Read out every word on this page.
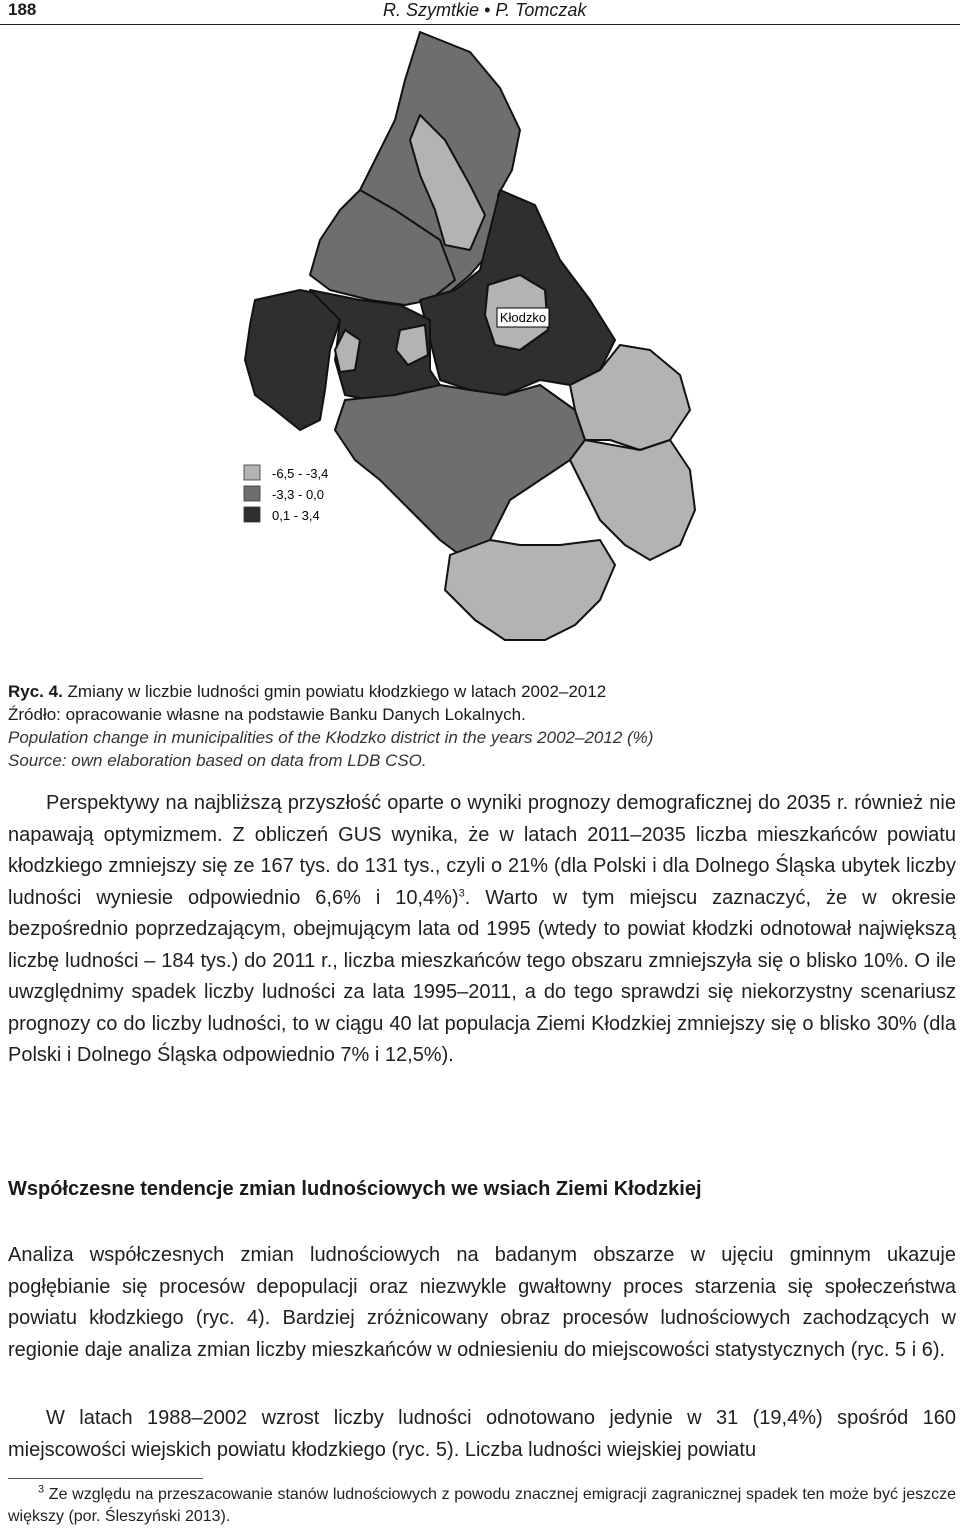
188	R. Szymtkie • P. Tomczak
Kłodzko
-6,5 - -3,4
-3,3 - 0,0
0,1 - 3,4
Ryc. 4. Zmiany w liczbie ludności gmin powiatu kłodzkiego w latach 2002–2012
Źródło: opracowanie własne na podstawie Banku Danych Lokalnych.
Population change in municipalities of the Kłodzko district in the years 2002–2012 (%)
Source: own elaboration based on data from LDB CSO.

Perspektywy na najbliższą przyszłość oparte o wyniki prognozy demograficznej do 2035 r. również nie napawają optymizmem. Z obliczeń GUS wynika, że w latach 2011–2035 liczba mieszkańców powiatu kłodzkiego zmniejszy się ze 167 tys. do 131 tys., czyli o 21% (dla Polski i dla Dolnego Śląska ubytek liczby ludności wyniesie odpowiednio 6,6% i 10,4%)$^3$. Warto w tym miejscu zaznaczyć, że w okresie bezpośrednio poprzedzającym, obejmującym lata od 1995 (wtedy to powiat kłodzki odnotował największą liczbę ludności – 184 tys.) do 2011 r., liczba mieszkańców tego obszaru zmniejszyła się o blisko 10%. O ile uwzględnimy spadek liczby ludności za lata 1995–2011, a do tego sprawdzi się niekorzystny scenariusz prognozy co do liczby ludności, to w ciągu 40 lat populacja Ziemi Kłodzkiej zmniejszy się o blisko 30% (dla Polski i Dolnego Śląska odpowiednio 7% i 12,5%).

Współczesne tendencje zmian ludnościowych we wsiach Ziemi Kłodzkiej

Analiza współczesnych zmian ludnościowych na badanym obszarze w ujęciu gminnym ukazuje pogłębianie się procesów depopulacji oraz niezwykle gwałtowny proces starzenia się społeczeństwa powiatu kłodzkiego (ryc. 4). Bardziej zróżnicowany obraz procesów ludnościowych zachodzących w regionie daje analiza zmian liczby mieszkańców w odniesieniu do miejscowości statystycznych (ryc. 5 i 6).

W latach 1988–2002 wzrost liczby ludności odnotowano jedynie w 31 (19,4%) spośród 160 miejscowości wiejskich powiatu kłodzkiego (ryc. 5). Liczba ludności wiejskiej powiatu

$^3$ Ze względu na przeszacowanie stanów ludnościowych z powodu znacznej emigracji zagranicznej spadek ten może być jeszcze większy (por. Śleszyński 2013).
